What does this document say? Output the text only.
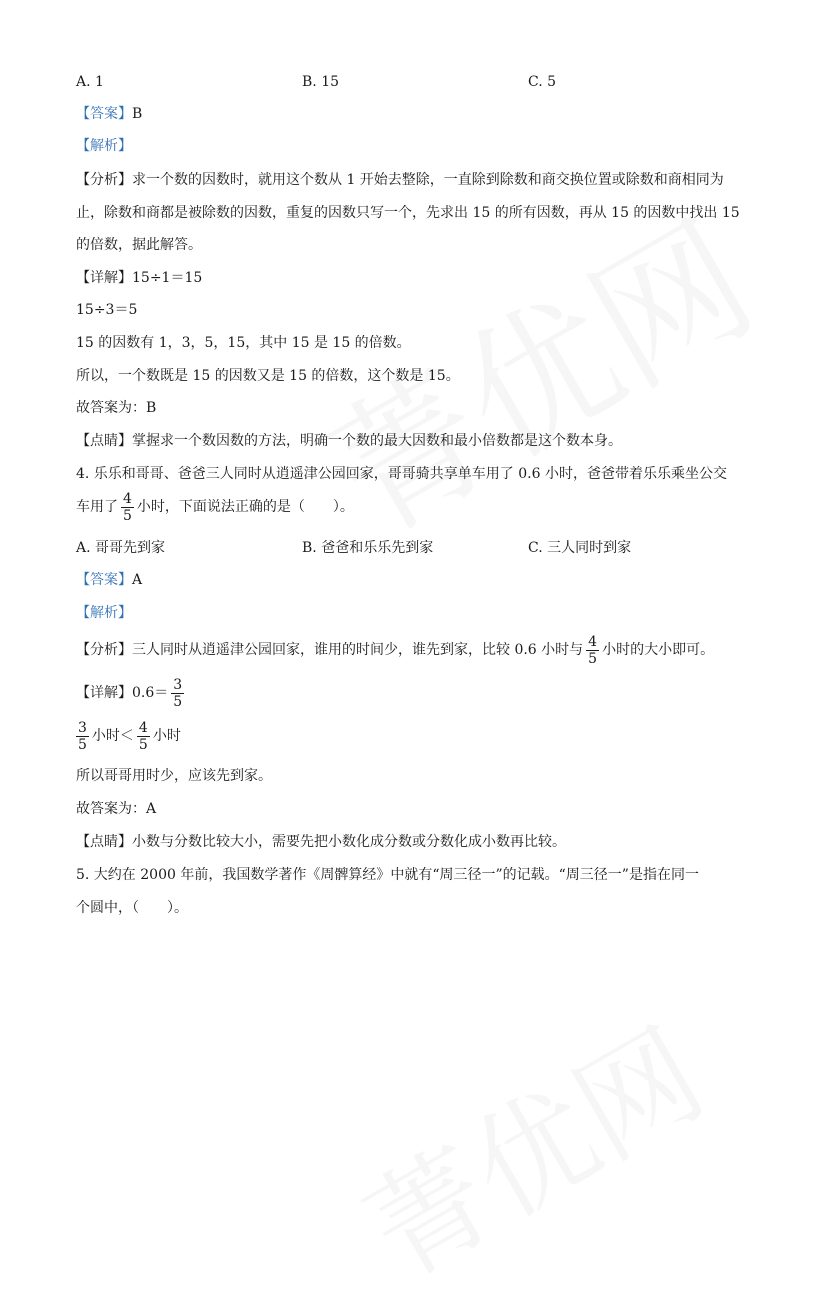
A. 1	B. 15	C. 5
【答案】B
【解析】
【分析】求一个数的因数时，就用这个数从 1 开始去整除，一直除到除数和商交换位置或除数和商相同为
止，除数和商都是被除数的因数，重复的因数只写一个，先求出 15 的所有因数，再从 15 的因数中找出 15
的倍数，据此解答。
【详解】15÷1＝15
15÷3＝5
15 的因数有 1，3，5，15，其中 15 是 15 的倍数。
所以，一个数既是 15 的因数又是 15 的倍数，这个数是 15。
故答案为：B
【点睛】掌握求一个数因数的方法，明确一个数的最大因数和最小倍数都是这个数本身。
4. 乐乐和哥哥、爸爸三人同时从逍遥津公园回家，哥哥骑共享单车用了 0.6 小时，爸爸带着乐乐乘坐公交
车用了 $\frac{4}{5}$ 小时，下面说法正确的是（　　）。
A. 哥哥先到家	B. 爸爸和乐乐先到家	C. 三人同时到家
【答案】A
【解析】
【分析】三人同时从逍遥津公园回家，谁用的时间少，谁先到家，比较 0.6 小时与 $\frac{4}{5}$ 小时的大小即可。
【详解】$0.6= \frac{3}{5}$
$\frac{3}{5}$ 小时＜ $\frac{4}{5}$ 小时
所以哥哥用时少，应该先到家。
故答案为：A
【点睛】小数与分数比较大小，需要先把小数化成分数或分数化成小数再比较。
5. 大约在 2000 年前，我国数学著作《周髀算经》中就有“周三径一”的记载。“周三径一”是指在同一
个圆中，（　　）。
